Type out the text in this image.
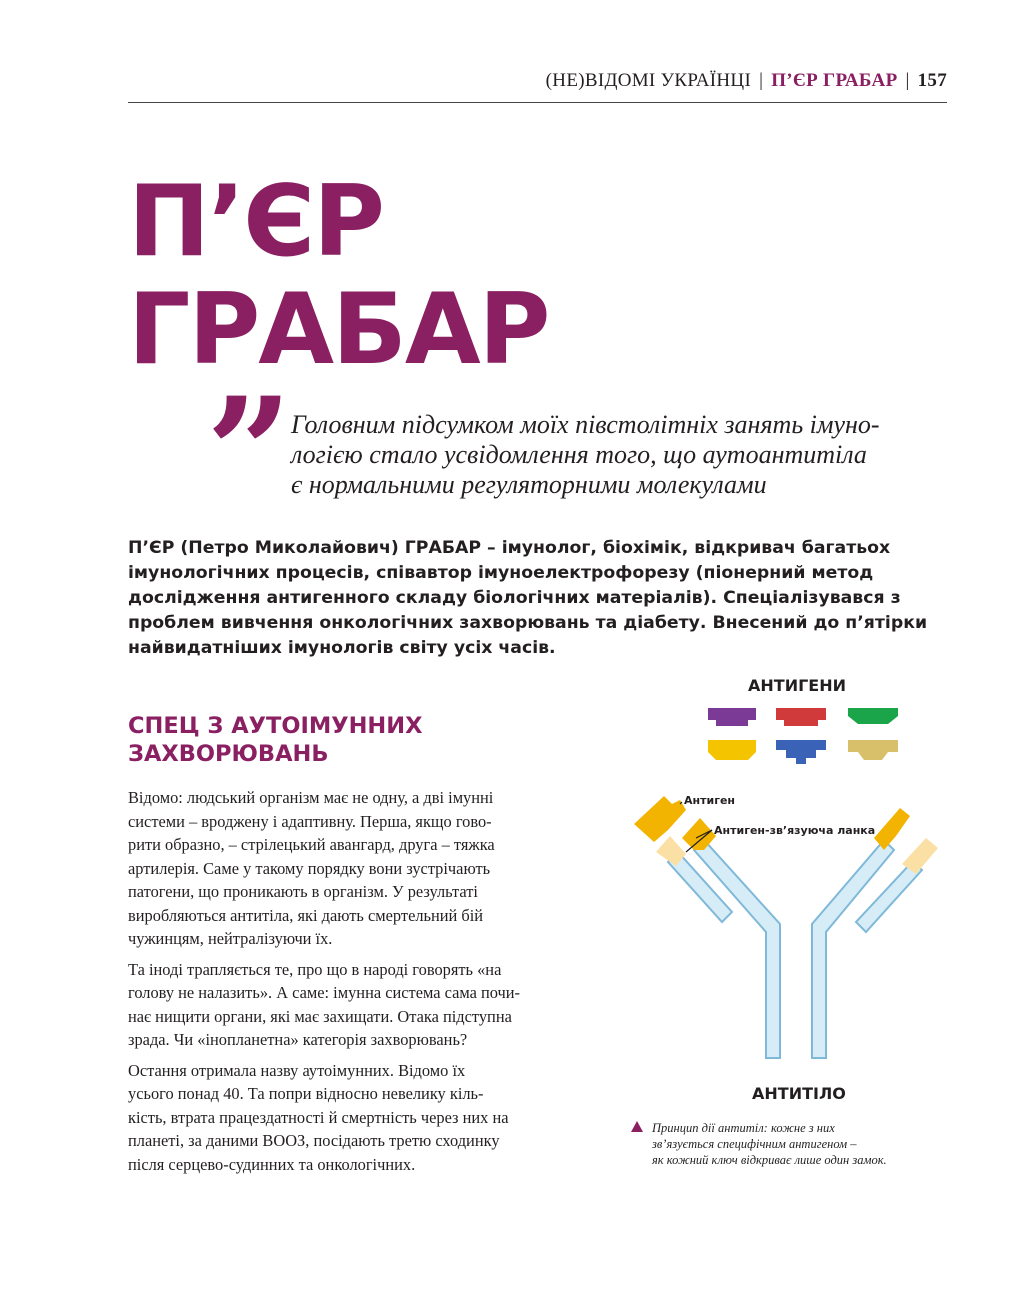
(НЕ)ВІДОМІ УКРАЇНЦІ | П’ЄР ГРАБАР | 157
П’ЄР
ГРАБАР
”
Головним підсумком моїх півстолітніх занять імуно-
логією стало усвідомлення того, що аутоантитіла
є нормальними регуляторними молекулами
П’ЄР (Петро Миколайович) ГРАБАР – імунолог, біохімік, відкривач багатьох
імунологічних процесів, співавтор імуноелектрофорезу (піонерний метод
дослідження антигенного складу біологічних матеріалів). Спеціалізувався з
проблем вивчення онкологічних захворювань та діабету. Внесений до п’ятірки
найвидатніших імунологів світу усіх часів.
СПЕЦ З АУТОІМУННИХ
ЗАХВОРЮВАНЬ

Відомо: людський організм має не одну, а дві імунні
системи – вроджену і адаптивну. Перша, якщо гово-
рити образно, – стрілецький авангард, друга – тяжка
артилерія. Саме у такому порядку вони зустрічають
патогени, що проникають в організм. У результаті
виробляються антитіла, які дають смертельний бій
чужинцям, нейтралізуючи їх.

Та іноді трапляється те, про що в народі говорять «на
голову не налазить». А саме: імунна система сама почи-
нає нищити органи, які має захищати. Отака підступна
зрада. Чи «інопланетна» категорія захворювань?

Остання отримала назву аутоімунних. Відомо їх
усього понад 40. Та попри відносно невелику кіль-
кість, втрата працездатності й смертність через них на
планеті, за даними ВООЗ, посідають третю сходинку
після серцево-судинних та онкологічних.

АНТИГЕНИ
Антиген
Антиген-зв’язуюча ланка
АНТИТІЛО
Принцип дії антитіл: кожне з них
зв’язується специфічним антигеном –
як кожний ключ відкриває лише один замок.
